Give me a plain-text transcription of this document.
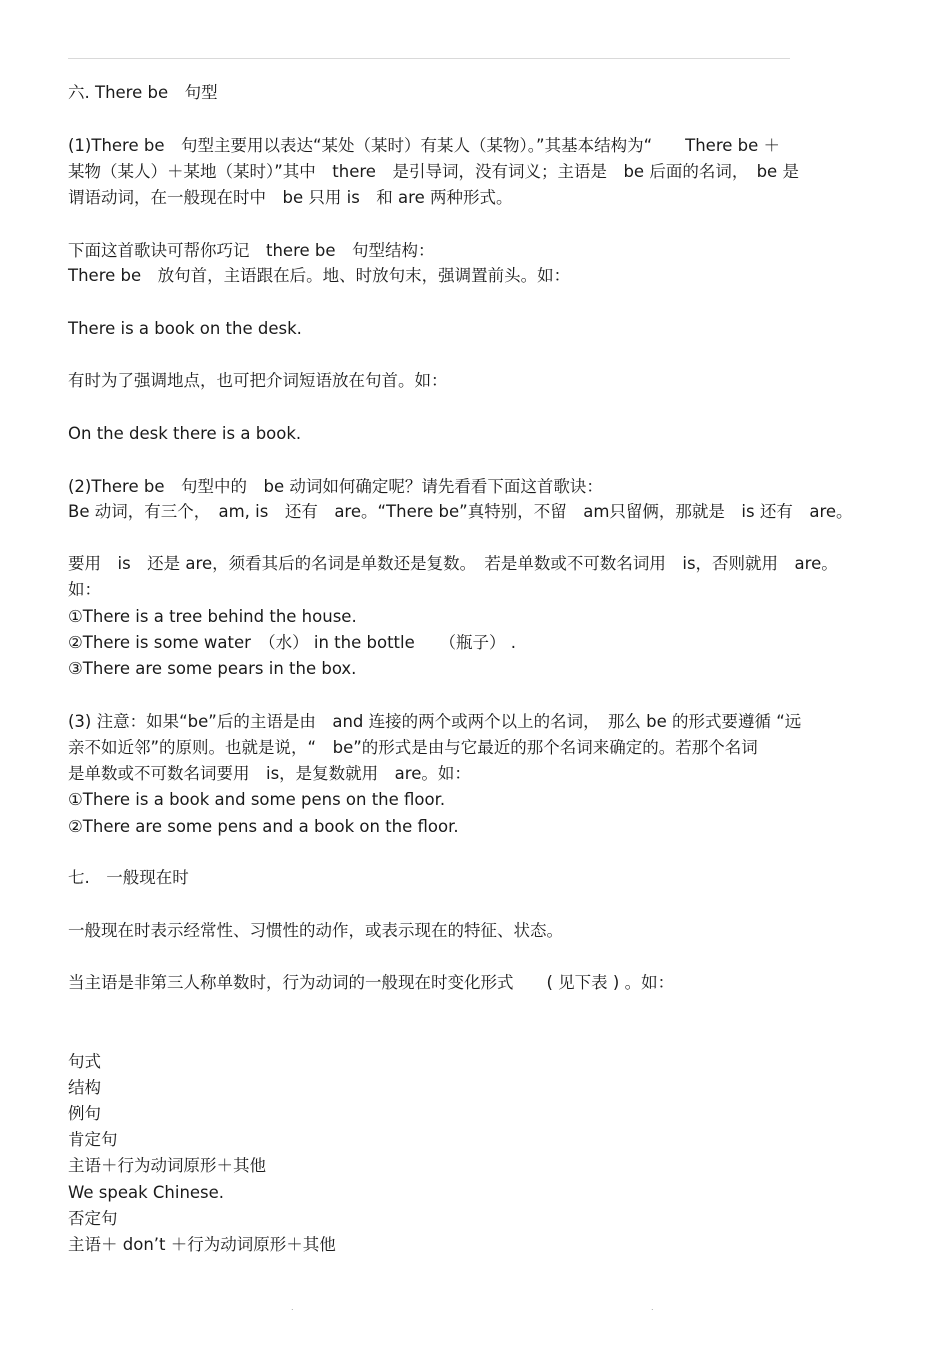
六. There be　句型
(1)There be　句型主要用以表达“某处（某时）有某人（某物）。”其基本结构为“　　There be ＋
某物（某人）＋某地（某时）”其中　there　是引导词，没有词义；主语是　be 后面的名词，　be 是
谓语动词，在一般现在时中　be 只用 is　和 are 两种形式。
下面这首歌诀可帮你巧记　there be　句型结构：
There be　放句首，主语跟在后。地、时放句末，强调置前头。如：
There is a book on the desk.
有时为了强调地点，也可把介词短语放在句首。如：
On the desk there is a book.
(2)There be　句型中的　be 动词如何确定呢？请先看看下面这首歌诀：
Be 动词，有三个，　am, is　还有　are。“There be”真特别，不留　am只留俩，那就是　is 还有　are。
要用　is　还是 are，须看其后的名词是单数还是复数。　若是单数或不可数名词用　is，否则就用　are。
如：
①There is a tree behind the house.
②There is some water　（水） in the bottle　　（瓶子） .
③There are some pears in the box.
(3) 注意：如果“be”后的主语是由　and 连接的两个或两个以上的名词，　那么 be 的形式要遵循 “远
亲不如近邻”的原则。也就是说，“　be”的形式是由与它最近的那个名词来确定的。若那个名词
是单数或不可数名词要用　is，是复数就用　are。如：
①There is a book and some pens on the floor.
②There are some pens and a book on the floor.
七.　一般现在时
一般现在时表示经常性、习惯性的动作，或表示现在的特征、状态。
当主语是非第三人称单数时，行为动词的一般现在时变化形式　　( 见下表 ) 。如：
句式
结构
例句
肯定句
主语＋行为动词原形＋其他
We speak Chinese.
否定句
主语＋ don’t ＋行为动词原形＋其他
.	.
